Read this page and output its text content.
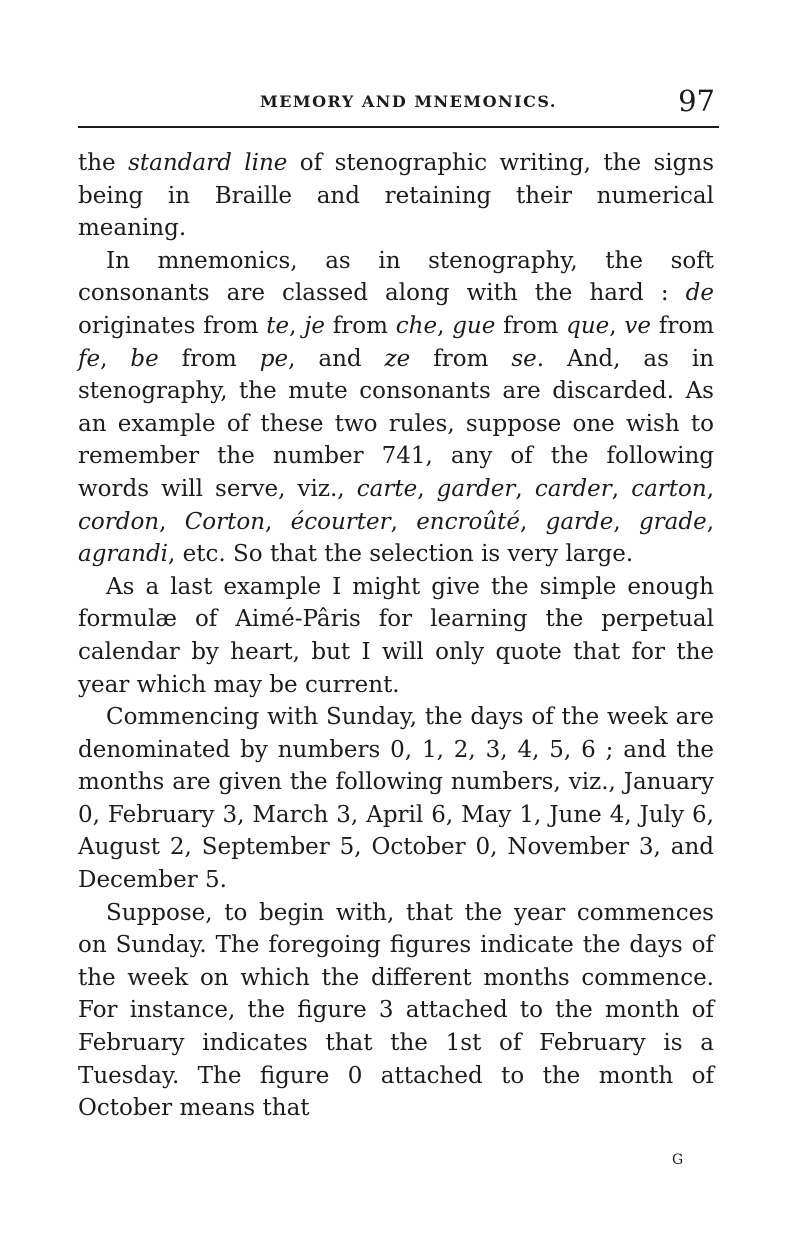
MEMORY AND MNEMONICS.	97

the standard line of stenographic writing, the signs being in Braille and retaining their numerical meaning.

In mnemonics, as in stenography, the soft consonants are classed along with the hard : de originates from te, je from che, gue from que, ve from fe, be from pe, and ze from se. And, as in stenography, the mute consonants are discarded. As an example of these two rules, suppose one wish to remember the number 741, any of the following words will serve, viz., carte, garder, carder, carton, cordon, Corton, écourter, encroûté, garde, grade, agrandi, etc. So that the selection is very large.

As a last example I might give the simple enough formulæ of Aimé-Pâris for learning the perpetual calendar by heart, but I will only quote that for the year which may be current.

Commencing with Sunday, the days of the week are denominated by numbers 0, 1, 2, 3, 4, 5, 6 ; and the months are given the following numbers, viz., January 0, February 3, March 3, April 6, May 1, June 4, July 6, August 2, September 5, October 0, November 3, and December 5.

Suppose, to begin with, that the year commences on Sunday. The foregoing figures indicate the days of the week on which the different months commence. For instance, the figure 3 attached to the month of February indicates that the 1st of February is a Tuesday. The figure 0 attached to the month of October means that

G
